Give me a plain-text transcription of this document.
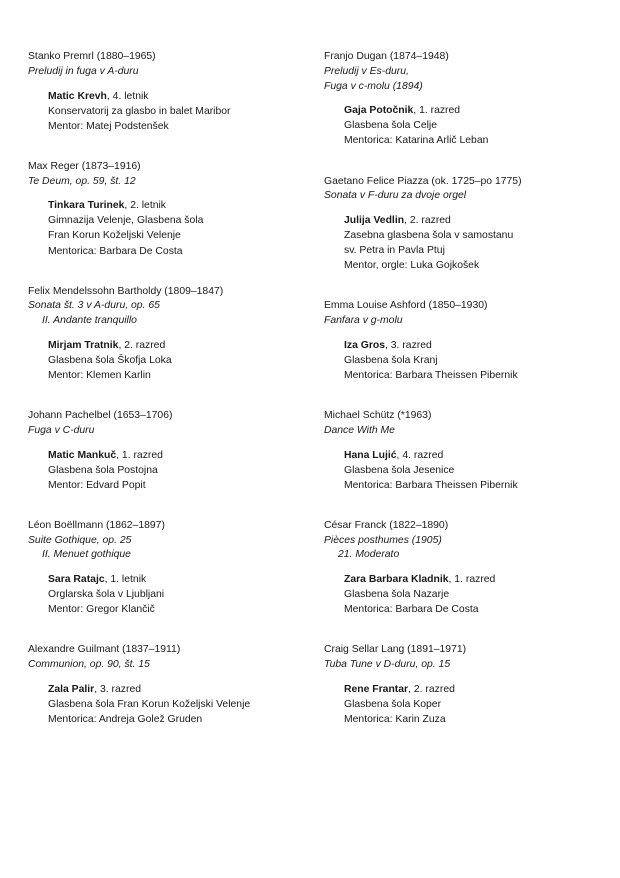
Stanko Premrl (1880–1965)
Preludij in fuga v A-duru
Matic Krevh, 4. letnik
Konservatorij za glasbo in balet Maribor
Mentor: Matej Podstenšek
Max Reger (1873–1916)
Te Deum, op. 59, št. 12
Tinkara Turinek, 2. letnik
Gimnazija Velenje, Glasbena šola
Fran Korun Koželjski Velenje
Mentorica: Barbara De Costa
Felix Mendelssohn Bartholdy (1809–1847)
Sonata št. 3 v A-duru, op. 65
II. Andante tranquillo
Mirjam Tratnik, 2. razred
Glasbena šola Škofja Loka
Mentor: Klemen Karlin
Johann Pachelbel (1653–1706)
Fuga v C-duru
Matic Mankuč, 1. razred
Glasbena šola Postojna
Mentor: Edvard Popit
Léon Boëllmann (1862–1897)
Suite Gothique, op. 25
II. Menuet gothique
Sara Ratajc, 1. letnik
Orglarska šola v Ljubljani
Mentor: Gregor Klančič
Alexandre Guilmant (1837–1911)
Communion, op. 90, št. 15
Zala Palir, 3. razred
Glasbena šola Fran Korun Koželjski Velenje
Mentorica: Andreja Golež Gruden
Franjo Dugan (1874–1948)
Preludij v Es-duru,
Fuga v c-molu (1894)
Gaja Potočnik, 1. razred
Glasbena šola Celje
Mentorica: Katarina Arlič Leban
Gaetano Felice Piazza (ok. 1725–po 1775)
Sonata v F-duru za dvoje orgel
Julija Vedlin, 2. razred
Zasebna glasbena šola v samostanu
sv. Petra in Pavla Ptuj
Mentor, orgle: Luka Gojkošek
Emma Louise Ashford (1850–1930)
Fanfara v g-molu
Iza Gros, 3. razred
Glasbena šola Kranj
Mentorica: Barbara Theissen Pibernik
Michael Schütz (*1963)
Dance With Me
Hana Lujić, 4. razred
Glasbena šola Jesenice
Mentorica: Barbara Theissen Pibernik
César Franck (1822–1890)
Pièces posthumes (1905)
21. Moderato
Zara Barbara Kladnik, 1. razred
Glasbena šola Nazarje
Mentorica: Barbara De Costa
Craig Sellar Lang (1891–1971)
Tuba Tune v D-duru, op. 15
Rene Frantar, 2. razred
Glasbena šola Koper
Mentorica: Karin Zuza
